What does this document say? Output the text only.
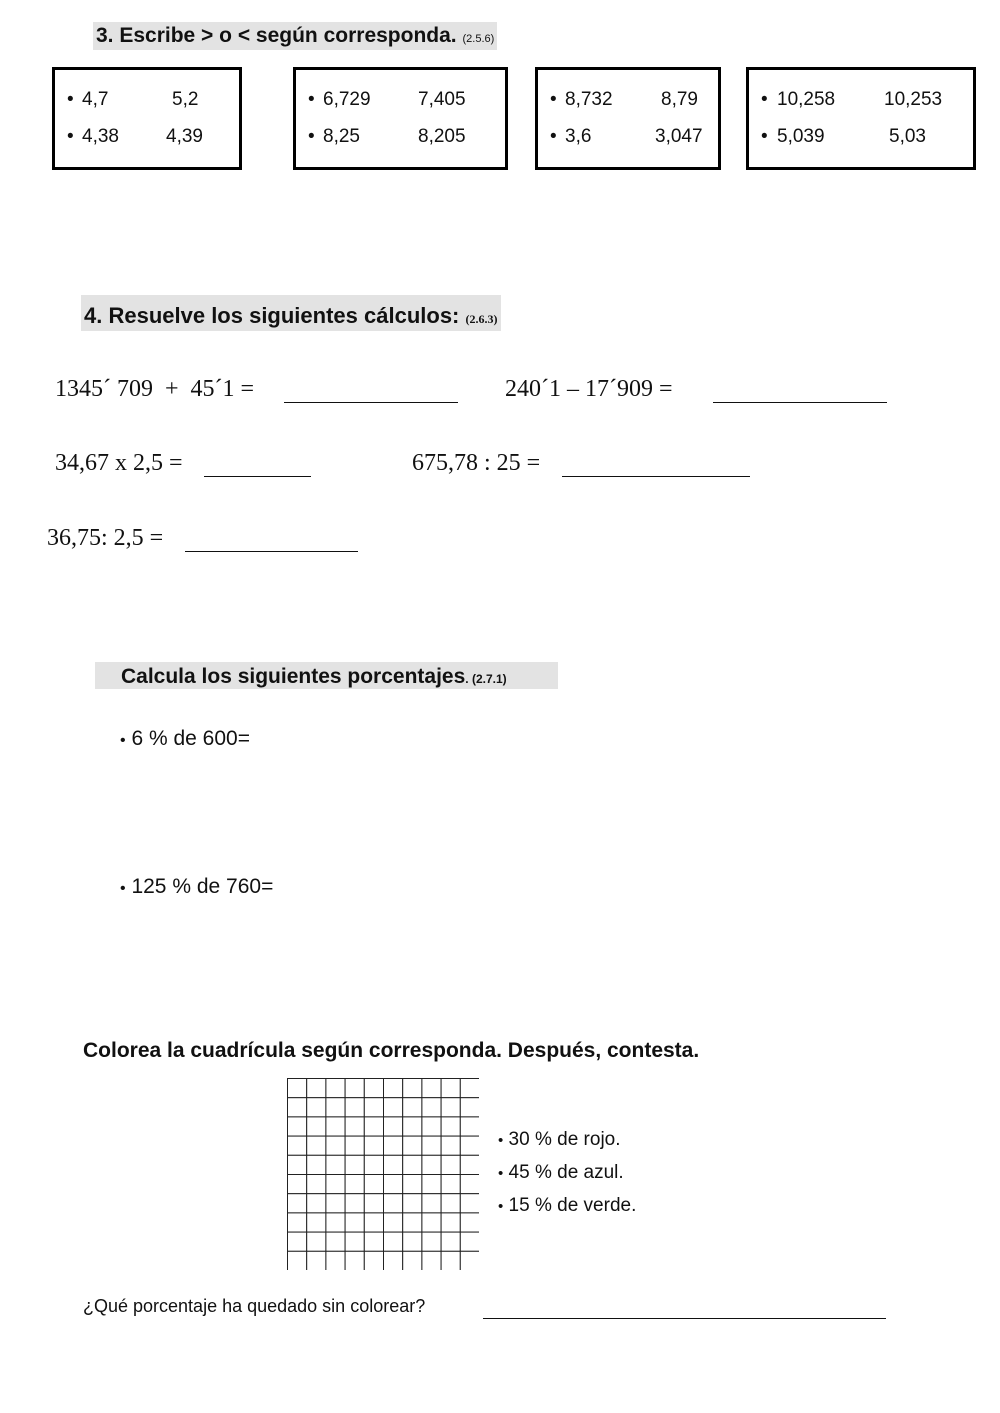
3. Escribe > o < según corresponda. (2.5.6)
• 4,7	5,2
• 4,38 4,39
• 6,729 7,405
• 8,25	8,205
• 8,732	8,79
• 3,6	3,047
• 10,258	10,253
• 5,039	5,03
4. Resuelve los siguientes cálculos: (2.6.3)
1345´ 709  +  45´1 =	240´1 – 17´909 =
34,67 x 2,5 =	675,78 : 25 =
36,75: 2,5 =
Calcula los siguientes porcentajes. (2.7.1)
• 6 % de 600=
• 125 % de 760=
Colorea la cuadrícula según corresponda. Después, contesta.
• 30 % de rojo.
• 45 % de azul.
• 15 % de verde.
¿Qué porcentaje ha quedado sin colorear?
